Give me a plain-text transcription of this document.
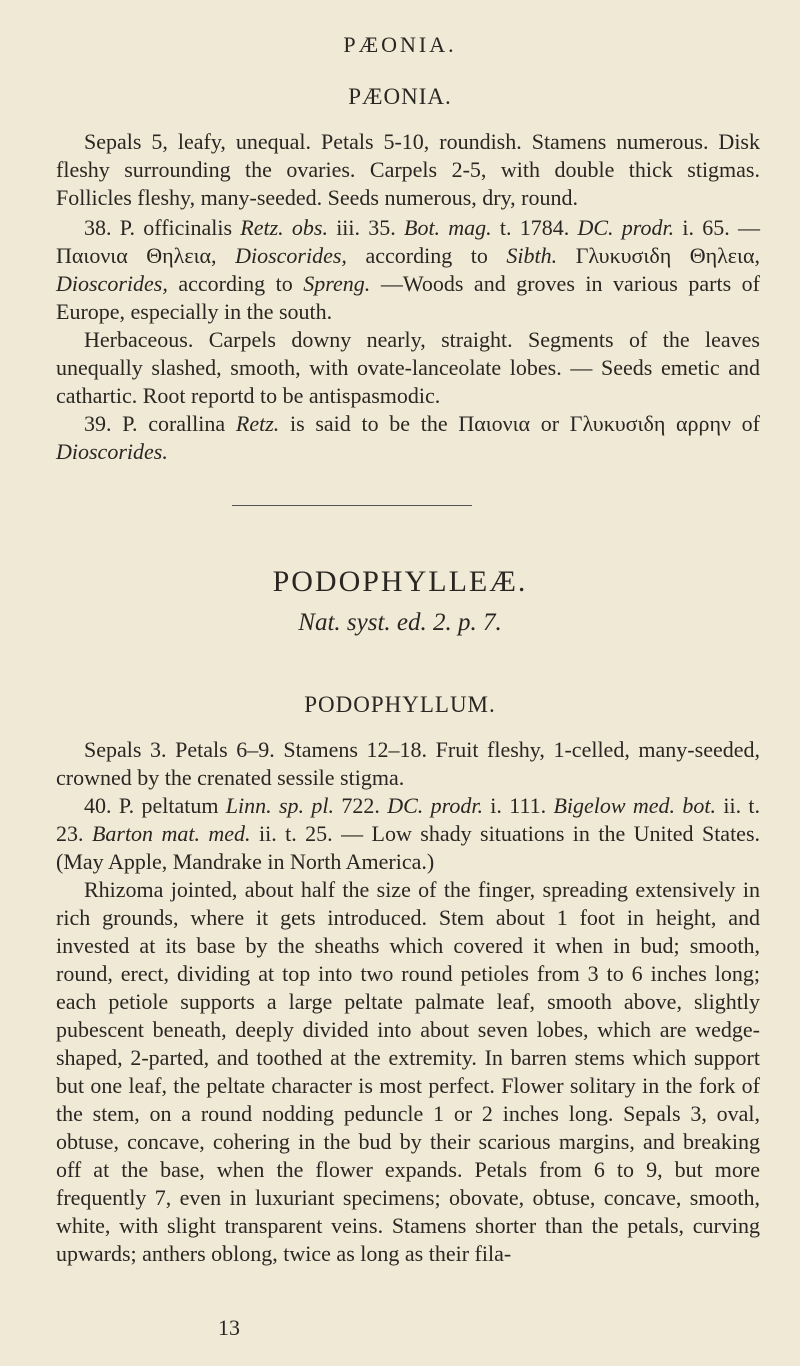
PÆONIA.
PÆONIA.

Sepals 5, leafy, unequal. Petals 5-10, roundish. Stamens numerous. Disk fleshy surrounding the ovaries. Carpels 2-5, with double thick stigmas. Follicles fleshy, many-seeded. Seeds numerous, dry, round.

38. P. officinalis Retz. obs. iii. 35. Bot. mag. t. 1784. DC. prodr. i. 65. — Παιονια Θηλεια, Dioscorides, according to Sibth. Γλυκυσιδη Θηλεια, Dioscorides, according to Spreng. —Woods and groves in various parts of Europe, especially in the south.

Herbaceous. Carpels downy nearly, straight. Segments of the leaves unequally slashed, smooth, with ovate-lanceolate lobes. — Seeds emetic and cathartic. Root reportd to be antispasmodic.

39. P. corallina Retz. is said to be the Παιονια or Γλυκυσιδη αρρην of Dioscorides.

PODOPHYLLEÆ.
Nat. syst. ed. 2. p. 7.
PODOPHYLLUM.

Sepals 3. Petals 6–9. Stamens 12–18. Fruit fleshy, 1-celled, many-seeded, crowned by the crenated sessile stigma.

40. P. peltatum Linn. sp. pl. 722. DC. prodr. i. 111. Bigelow med. bot. ii. t. 23. Barton mat. med. ii. t. 25. — Low shady situations in the United States. (May Apple, Mandrake in North America.)

Rhizoma jointed, about half the size of the finger, spreading extensively in rich grounds, where it gets introduced. Stem about 1 foot in height, and invested at its base by the sheaths which covered it when in bud; smooth, round, erect, dividing at top into two round petioles from 3 to 6 inches long; each petiole supports a large peltate palmate leaf, smooth above, slightly pubescent beneath, deeply divided into about seven lobes, which are wedge-shaped, 2-parted, and toothed at the extremity. In barren stems which support but one leaf, the peltate character is most perfect. Flower solitary in the fork of the stem, on a round nodding peduncle 1 or 2 inches long. Sepals 3, oval, obtuse, concave, cohering in the bud by their scarious margins, and breaking off at the base, when the flower expands. Petals from 6 to 9, but more frequently 7, even in luxuriant specimens; obovate, obtuse, concave, smooth, white, with slight transparent veins. Stamens shorter than the petals, curving upwards; anthers oblong, twice as long as their fila-

13
